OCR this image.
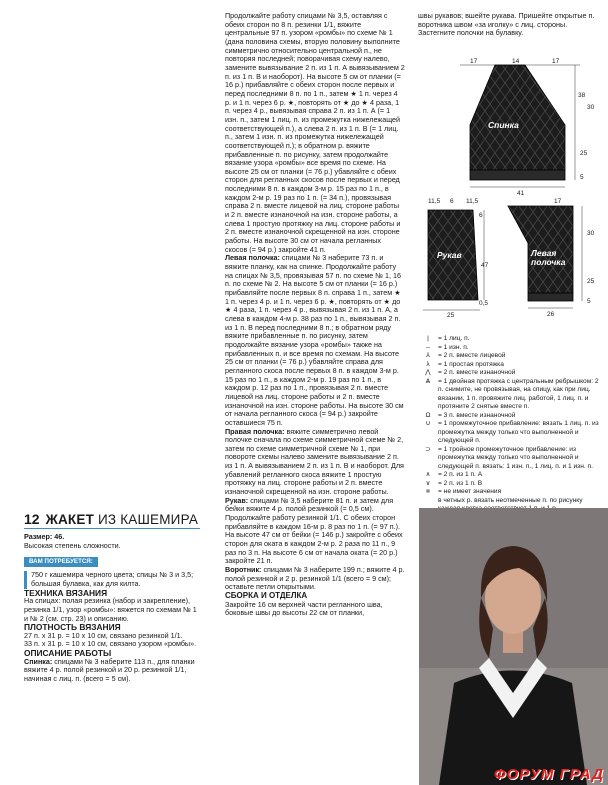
Продолжайте работу спицами № 3,5, оставляя с обеих сторон по 8 п. резинки 1/1, вяжите центральные 97 п. узором «ромбы» по схеме № 1 (дана половина схемы, вторую половину выполните симметрично относительно центральной п., не повторяя последней; поворачивая схему налево, замените вывязывание 2 п. из 1 п. А вывязыванием 2 п. из 1 п. В и наоборот). На высоте 5 см от планки (= 16 р.) прибавляйте с обеих сторон после первых и перед последними 8 п. по 1 п., затем ★ 1 п. через 4 р. и 1 п. через 6 р. ★, повторять от ★ до ★ 4 раза, 1 п. через 4 р., вывязывая справа 2 п. из 1 п. А (= 1 изн. п., затем 1 лиц. п. из промежутка нижележащей соответствующей п.), а слева 2 п. из 1 п. В (= 1 лиц. п., затем 1 изн. п. из промежутка нижележащей соответствующей п.); в обратном р. вяжите прибавленные п. по рисунку, затем продолжайте вязание узора «ромбы» все время по схеме. На высоте 25 см от планки (= 76 р.) убавляйте с обеих сторон для регланных скосов после первых и перед последними 8 п. в каждом 3-м р. 15 раз по 1 п., в каждом 2-м р. 19 раз по 1 п. (= 34 п.), провязывая справа 2 п. вместе лицевой на лиц. стороне работы и 2 п. вместе изнаночной на изн. стороне работы, а слева 1 простую протяжку на лиц. стороне работы и 2 п. вместе изнаночной скрещенной на изн. стороне работы. На высоте 30 см от начала регланных скосов (= 94 р.) закройте 41 п.

Левая полочка: спицами № 3 наберите 73 п. и вяжите планку, как на спинке. Продолжайте работу на спицах № 3,5, провязывая 57 п. по схеме № 1, 16 п. по схеме № 2. На высоте 5 см от планки (= 16 р.) прибавляйте после первых 8 п. справа 1 п., затем ★ 1 п. через 4 р. и 1 п. через 6 р. ★, повторять от ★ до ★ 4 раза, 1 п. через 4 р., вывязывая 2 п. из 1 п. А, а слева в каждом 4-м р. 38 раз по 1 п., вывязывая 2 п. из 1 п. В перед последними 8 п.; в обратном ряду вяжите прибавленные п. по рисунку, затем продолжайте вязание узора «ромбы» также на прибавленных п. и все время по схемам. На высоте 25 см от планки (= 76 р.) убавляйте справа для регланного скоса после первых 8 п. в каждом 3-м р. 15 раз по 1 п., в каждом 2-м р. 19 раз по 1 п., в каждом р. 12 раз по 1 п., провязывая 2 п. вместе лицевой на лиц. стороне работы и 2 п. вместе изнаночной на изн. стороне работы. На высоте 30 см от начала регланного скоса (= 94 р.) закройте оставшиеся 75 п.

Правая полочка: вяжите симметрично левой полочке сначала по схеме симметричной схеме № 2, затем по схеме симметричной схеме № 1, при повороте схемы налево замените вывязывание 2 п. из 1 п. А вывязыванием 2 п. из 1 п. В и наоборот. Для убавлений регланного скоса вяжите 1 простую протяжку на лиц. стороне работы и 2 п. вместе изнаночной скрещенной на изн. стороне работы.

Рукав: спицами № 3,5 наберите 81 п. и затем для бейки вяжите 4 р. полой резинкой (= 0,5 см). Продолжайте работу резинкой 1/1. С обеих сторон прибавляйте в каждом 16-м р. 8 раз по 1 п. (= 97 п.). На высоте 47 см от бейки (= 146 р.) закройте с обеих сторон для оката в каждом 2-м р. 2 раза по 11 п., 9 раз по 3 п. На высоте 6 см от начала оката (= 20 р.) закройте 21 п.

Воротник: спицами № 3 наберите 199 п.; вяжите 4 р. полой резинкой и 2 р. резинкой 1/1 (всего = 9 см); оставьте петли открытыми.

СБОРКА И ОТДЕЛКА

Закройте 16 см верхней части регланного шва, боковые швы до высоты 22 см от планки,

швы рукавов; вшейте рукава. Пришейте открытые п. воротника швом «за иголку» с лиц. стороны. Застегните полочки на булавку.
Спинка
17	14	17
38
30
25
5
41
Рукав
11,5 6 11,5
6
47
0,5
25
Левая полочка
17
30
25
5
26
|	= 1 лиц. п.
–	= 1 изн. п.
⅄	= 2 п. вместе лицевой
λ	= 1 простая протяжка
⋀	= 2 п. вместе изнаночной
Ѧ	= 1 двойная протяжка с центральным ребрышком: 2 п. снимите, не провязывая, на спицу, как при лиц. вязании, 1 п. провяжите лиц. работой, 1 лиц. п. и протяните 2 снятые вместе п.
Ω	= 3 п. вместе изнаночной
∪	= 1 промежуточное прибавление: вязать 1 лиц. п. из промежутка между только что выполненной и следующей п.
⊃	= 1 тройное промежуточное прибавление: из промежутка между только что выполненной и следующей п. вязать: 1 изн. п., 1 лиц. п. и 1 изн. п.
∧	= 2 п. из 1 п. А
∨	= 2 п. из 1 п. В
■	= не имеет значения
в четных р. вязать неотмеченные п. по рисунку
12 ЖАКЕТ ИЗ КАШЕМИРА

Размер: 46.

Высокая степень сложности.

ВАМ ПОТРЕБУЕТСЯ:

750 г кашемира черного цвета; спицы № 3 и 3,5; большая булавка, как для килта.

ТЕХНИКА ВЯЗАНИЯ

На спицах: полая резинка (набор и закрепление), резинка 1/1, узор «ромбы»: вяжется по схемам № 1 и № 2 (см. стр. 23) и описанию.

ПЛОТНОСТЬ ВЯЗАНИЯ

27 п. х 31 р. = 10 х 10 см, связано резинкой 1/1.

33 п. х 31 р. = 10 х 10 см, связано узором «ромбы».

ОПИСАНИЕ РАБОТЫ

Спинка: спицами № 3 наберите 113 п., для планки вяжите 4 р. полой резинкой и 20 р. резинкой 1/1, начиная с лиц. п. (всего = 5 см).

ФОРУМ ГРАД
